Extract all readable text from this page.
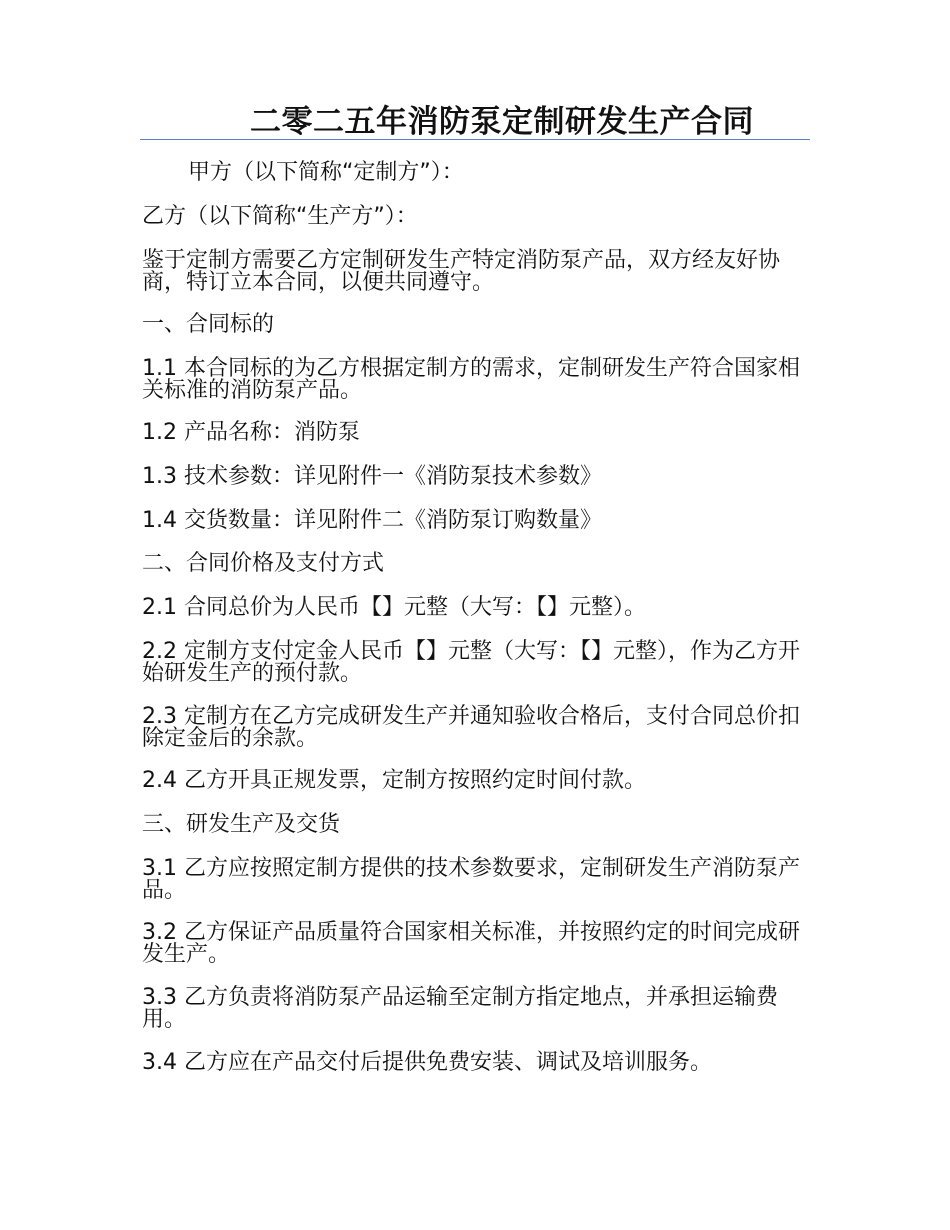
二零二五年消防泵定制研发生产合同

甲方（以下简称“定制方”）：

乙方（以下简称“生产方”）：

鉴于定制方需要乙方定制研发生产特定消防泵产品，双方经友好协商，特订立本合同，以便共同遵守。

一、合同标的

1.1 本合同标的为乙方根据定制方的需求，定制研发生产符合国家相关标准的消防泵产品。

1.2 产品名称：消防泵

1.3 技术参数：详见附件一《消防泵技术参数》

1.4 交货数量：详见附件二《消防泵订购数量》

二、合同价格及支付方式

2.1 合同总价为人民币【】元整（大写：【】元整）。

2.2 定制方支付定金人民币【】元整（大写：【】元整），作为乙方开始研发生产的预付款。

2.3 定制方在乙方完成研发生产并通知验收合格后，支付合同总价扣除定金后的余款。

2.4 乙方开具正规发票，定制方按照约定时间付款。

三、研发生产及交货

3.1 乙方应按照定制方提供的技术参数要求，定制研发生产消防泵产品。

3.2 乙方保证产品质量符合国家相关标准，并按照约定的时间完成研发生产。

3.3 乙方负责将消防泵产品运输至定制方指定地点，并承担运输费用。

3.4 乙方应在产品交付后提供免费安装、调试及培训服务。
